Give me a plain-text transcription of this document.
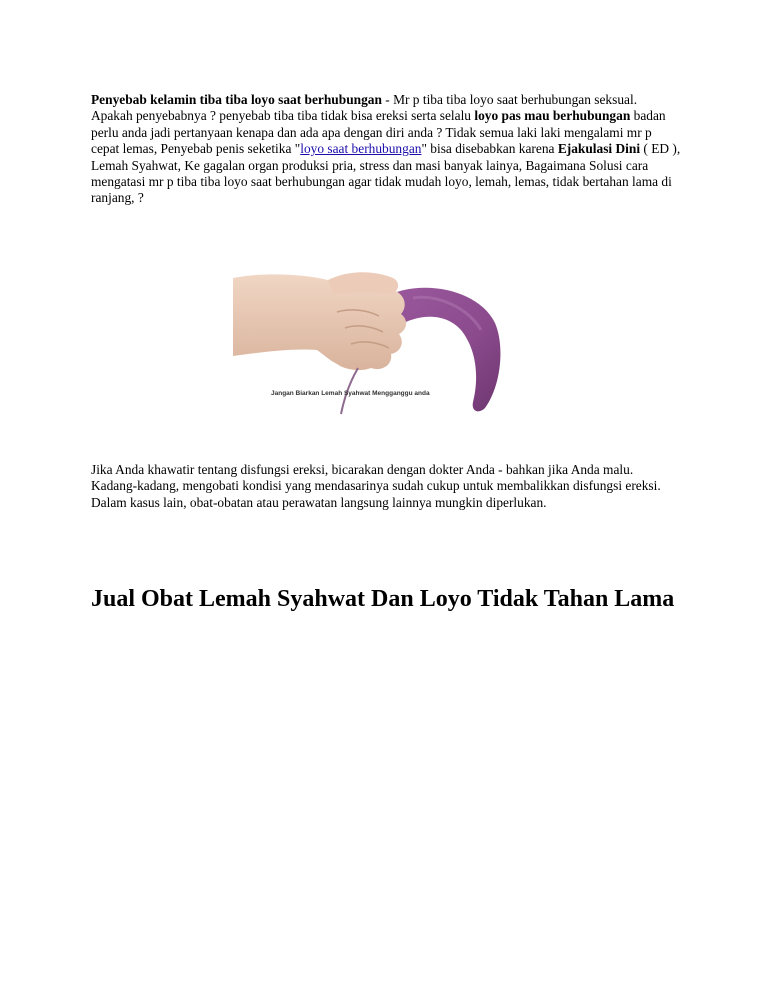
Penyebab kelamin tiba tiba loyo saat berhubungan - Mr p tiba tiba loyo saat berhubungan seksual. Apakah penyebabnya ? penyebab tiba tiba tidak bisa ereksi serta selalu loyo pas mau berhubungan badan perlu anda jadi pertanyaan kenapa dan ada apa dengan diri anda ? Tidak semua laki laki mengalami mr p cepat lemas, Penyebab penis seketika "loyo saat berhubungan" bisa disebabkan karena Ejakulasi Dini ( ED ), Lemah Syahwat, Ke gagalan organ produksi pria, stress dan masi banyak lainya, Bagaimana Solusi cara mengatasi mr p tiba tiba loyo saat berhubungan agar tidak mudah loyo, lemah, lemas, tidak bertahan lama di ranjang, ?

Jangan Biarkan Lemah Syahwat Mengganggu anda

Jika Anda khawatir tentang disfungsi ereksi, bicarakan dengan dokter Anda - bahkan jika Anda malu. Kadang-kadang, mengobati kondisi yang mendasarinya sudah cukup untuk membalikkan disfungsi ereksi. Dalam kasus lain, obat-obatan atau perawatan langsung lainnya mungkin diperlukan.

Jual Obat Lemah Syahwat Dan Loyo Tidak Tahan Lama
